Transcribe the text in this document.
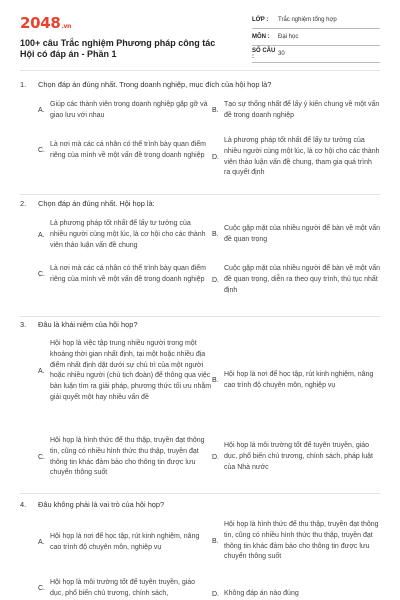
2048.vn
100+ câu Trắc nghiệm Phương pháp công tác Hội có đáp án - Phần 1
LỚP :	Trắc nghiệm tổng hợp
MÔN :	Đại học
SỐ CÂU :	30
1.	Chọn đáp án đúng nhất. Trong doanh nghiệp, mục đích của hội họp là?
A.
Giúp các thành viên trong doanh nghiệp gặp gỡ và giao lưu với nhau
B.
Tạo sự thống nhất để lấy ý kiến chung về một vấn đề trong doanh nghiệp
C.
Là nơi mà các cá nhân có thể trình bày quan điểm riêng của mình về một vấn đề trong doanh nghiệp	D.
Là phương pháp tốt nhất để lấy tư tưởng của nhiều người cùng một lúc, là cơ hội cho các thành viên thảo luận vấn đề chung, tham gia quá trình ra quyết định
2.	Chọn đáp án đúng nhất. Hội họp là:
A.
Là phương pháp tốt nhất để lấy tư tưởng của nhiều người cùng một lúc, là cơ hội cho các thành viên thảo luận vấn đề chung
B.
Cuộc gặp mặt của nhiều người để bàn về một vấn đề quan trọng
C.
Là nơi mà các cá nhân có thể trình bày quan điểm riêng của mình về một vấn đề trong doanh nghiệp	D.
Cuộc gặp mặt của nhiều người để bàn về một vấn đề quan trọng, diễn ra theo quy trình, thủ tục nhất định
3.	Đâu là khái niệm của hội họp?
A.
Hội họp là việc tập trung nhiều người trong một khoảng thời gian nhất định, tại một hoặc nhiều địa điểm nhất định dặt dưới sự chủ trì của một người hoặc nhiều người (chủ tịch đoàn) để thông qua việc bàn luận tìm ra giải pháp, phương thức tối ưu nhằm giải quyết một hay nhiều vấn đề
B.
Hội họp là nơi để học tập, rút kinh nghiệm, nâng cao trình độ chuyên môn, nghiệp vụ
C.
Hội họp là hình thức để thu thập, truyền đạt thông tin, cũng có nhiều hình thức thu thập, truyền đạt thông tin khác đảm bảo cho thông tin được lưu chuyển thông suốt
D.
Hội họp là môi trường tốt để tuyên truyền, giáo dục, phổ biến chủ trương, chính sách, pháp luật của Nhà nước
4.	Đâu không phải là vai trò của hội họp?
A.
Hội họp là nơi để học tập, rút kinh nghiệm, nâng cao trình độ chuyên môn, nghiệp vụ
B.
Hội họp là hình thức để thu thập, truyền đạt thông tin, cũng có nhiều hình thức thu thập, truyền đạt thông tin khác đảm bảo cho thông tin được lưu chuyển thông suốt
C.
Hội họp là môi trường tốt để tuyên truyền, giáo dục, phổ biến chủ trương, chính sách,	D. Không đáp án nào đúng
